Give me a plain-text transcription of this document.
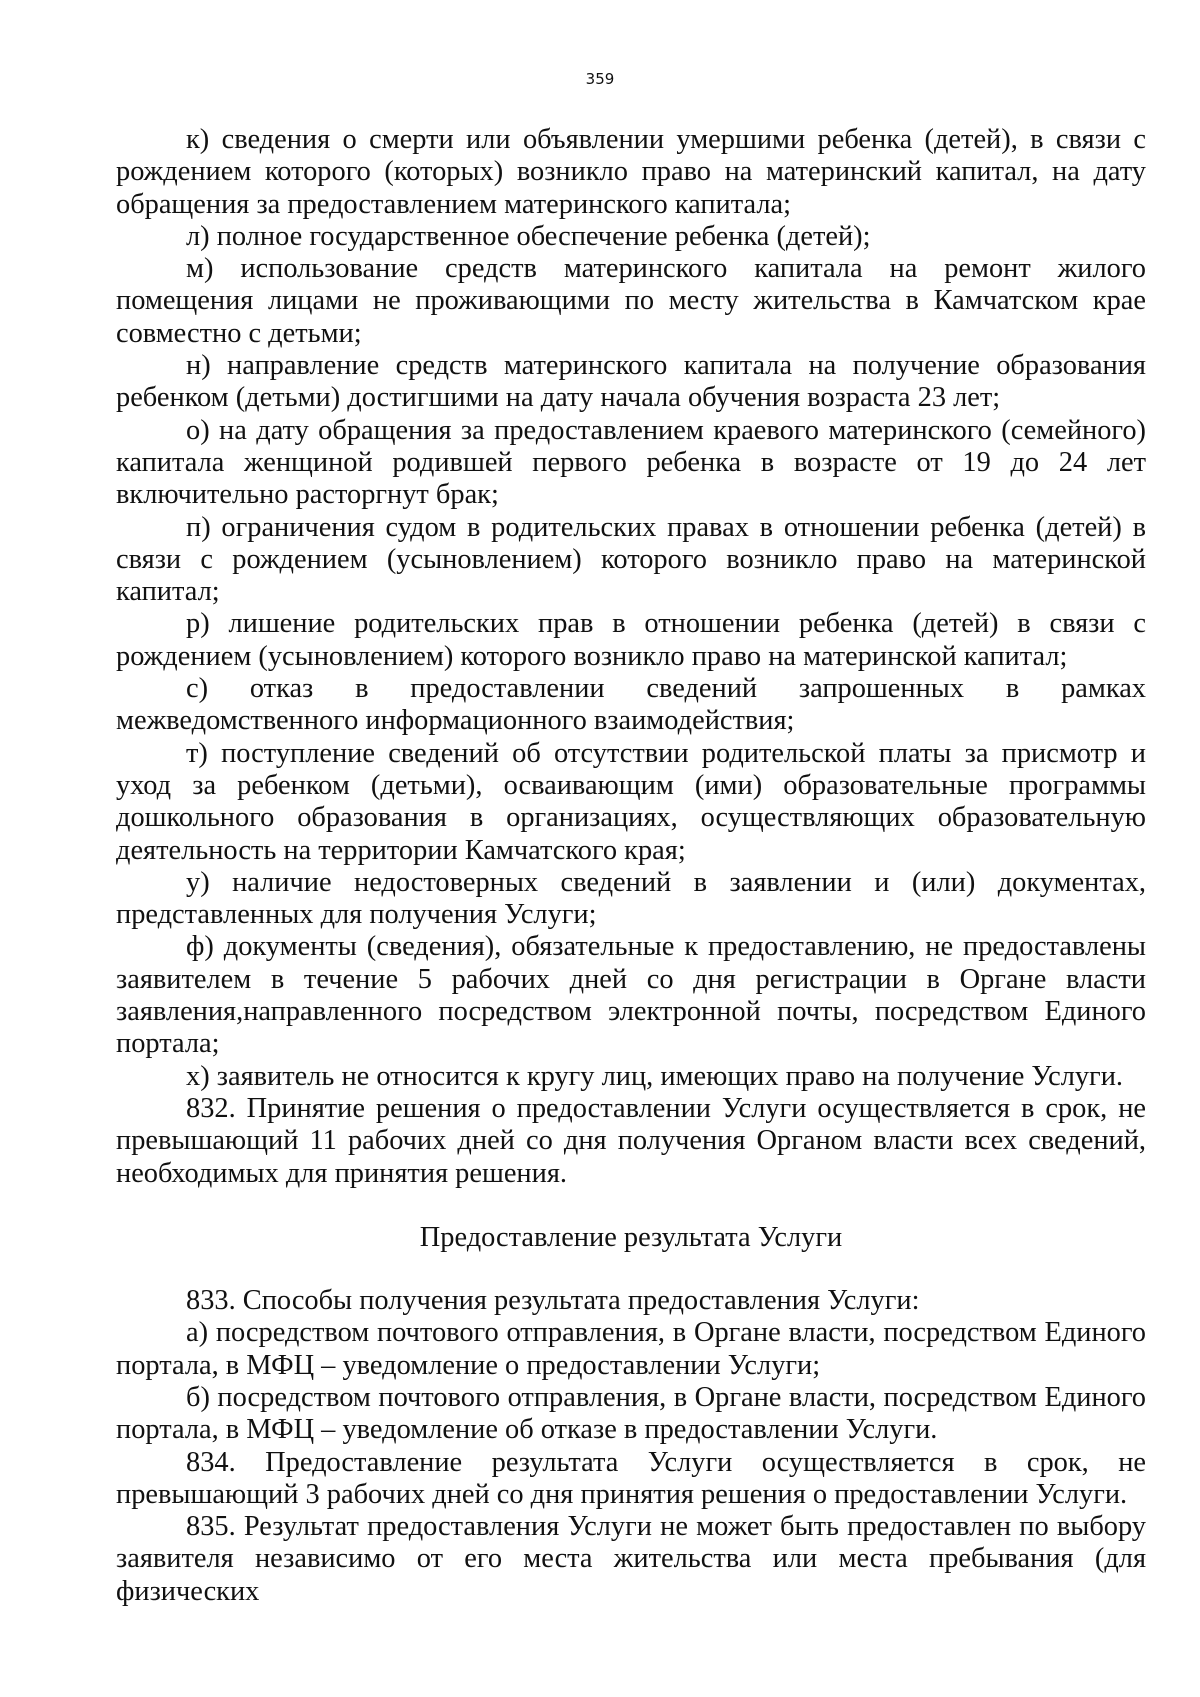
359

к) сведения о смерти или объявлении умершими ребенка (детей), в связи с рождением которого (которых) возникло право на материнский капитал, на дату обращения за предоставлением материнского капитала;

л) полное государственное обеспечение ребенка (детей);

м) использование средств материнского капитала на ремонт жилого помещения лицами не проживающими по месту жительства в Камчатском крае совместно с детьми;

н) направление средств материнского капитала на получение образования ребенком (детьми) достигшими на дату начала обучения возраста 23 лет;

о) на дату обращения за предоставлением краевого материнского (семейного) капитала женщиной родившей первого ребенка в возрасте от 19 до 24 лет включительно расторгнут брак;

п) ограничения судом в родительских правах в отношении ребенка (детей) в связи с рождением (усыновлением) которого возникло право на материнской капитал;

р) лишение родительских прав в отношении ребенка (детей) в связи с рождением (усыновлением) которого возникло право на материнской капитал;

с) отказ в предоставлении сведений запрошенных в рамках межведомственного информационного взаимодействия;

т) поступление сведений об отсутствии родительской платы за присмотр и уход за ребенком (детьми), осваивающим (ими) образовательные программы дошкольного образования в организациях, осуществляющих образовательную деятельность на территории Камчатского края;

у) наличие недостоверных сведений в заявлении и (или) документах, представленных для получения Услуги;

ф) документы (сведения), обязательные к предоставлению, не предоставлены заявителем в течение 5 рабочих дней со дня регистрации в Органе власти заявления,направленного посредством электронной почты, посредством Единого портала;

х) заявитель не относится к кругу лиц, имеющих право на получение Услуги.

832. Принятие решения о предоставлении Услуги осуществляется в срок, не превышающий 11 рабочих дней со дня получения Органом власти всех сведений, необходимых для принятия решения.

Предоставление результата Услуги

833. Способы получения результата предоставления Услуги:

а) посредством почтового отправления, в Органе власти, посредством Единого портала, в МФЦ – уведомление о предоставлении Услуги;

б) посредством почтового отправления, в Органе власти, посредством Единого портала, в МФЦ – уведомление об отказе в предоставлении Услуги.

834. Предоставление результата Услуги осуществляется в срок, не превышающий 3 рабочих дней со дня принятия решения о предоставлении Услуги.

835. Результат предоставления Услуги не может быть предоставлен по выбору заявителя независимо от его места жительства или места пребывания (для физических
